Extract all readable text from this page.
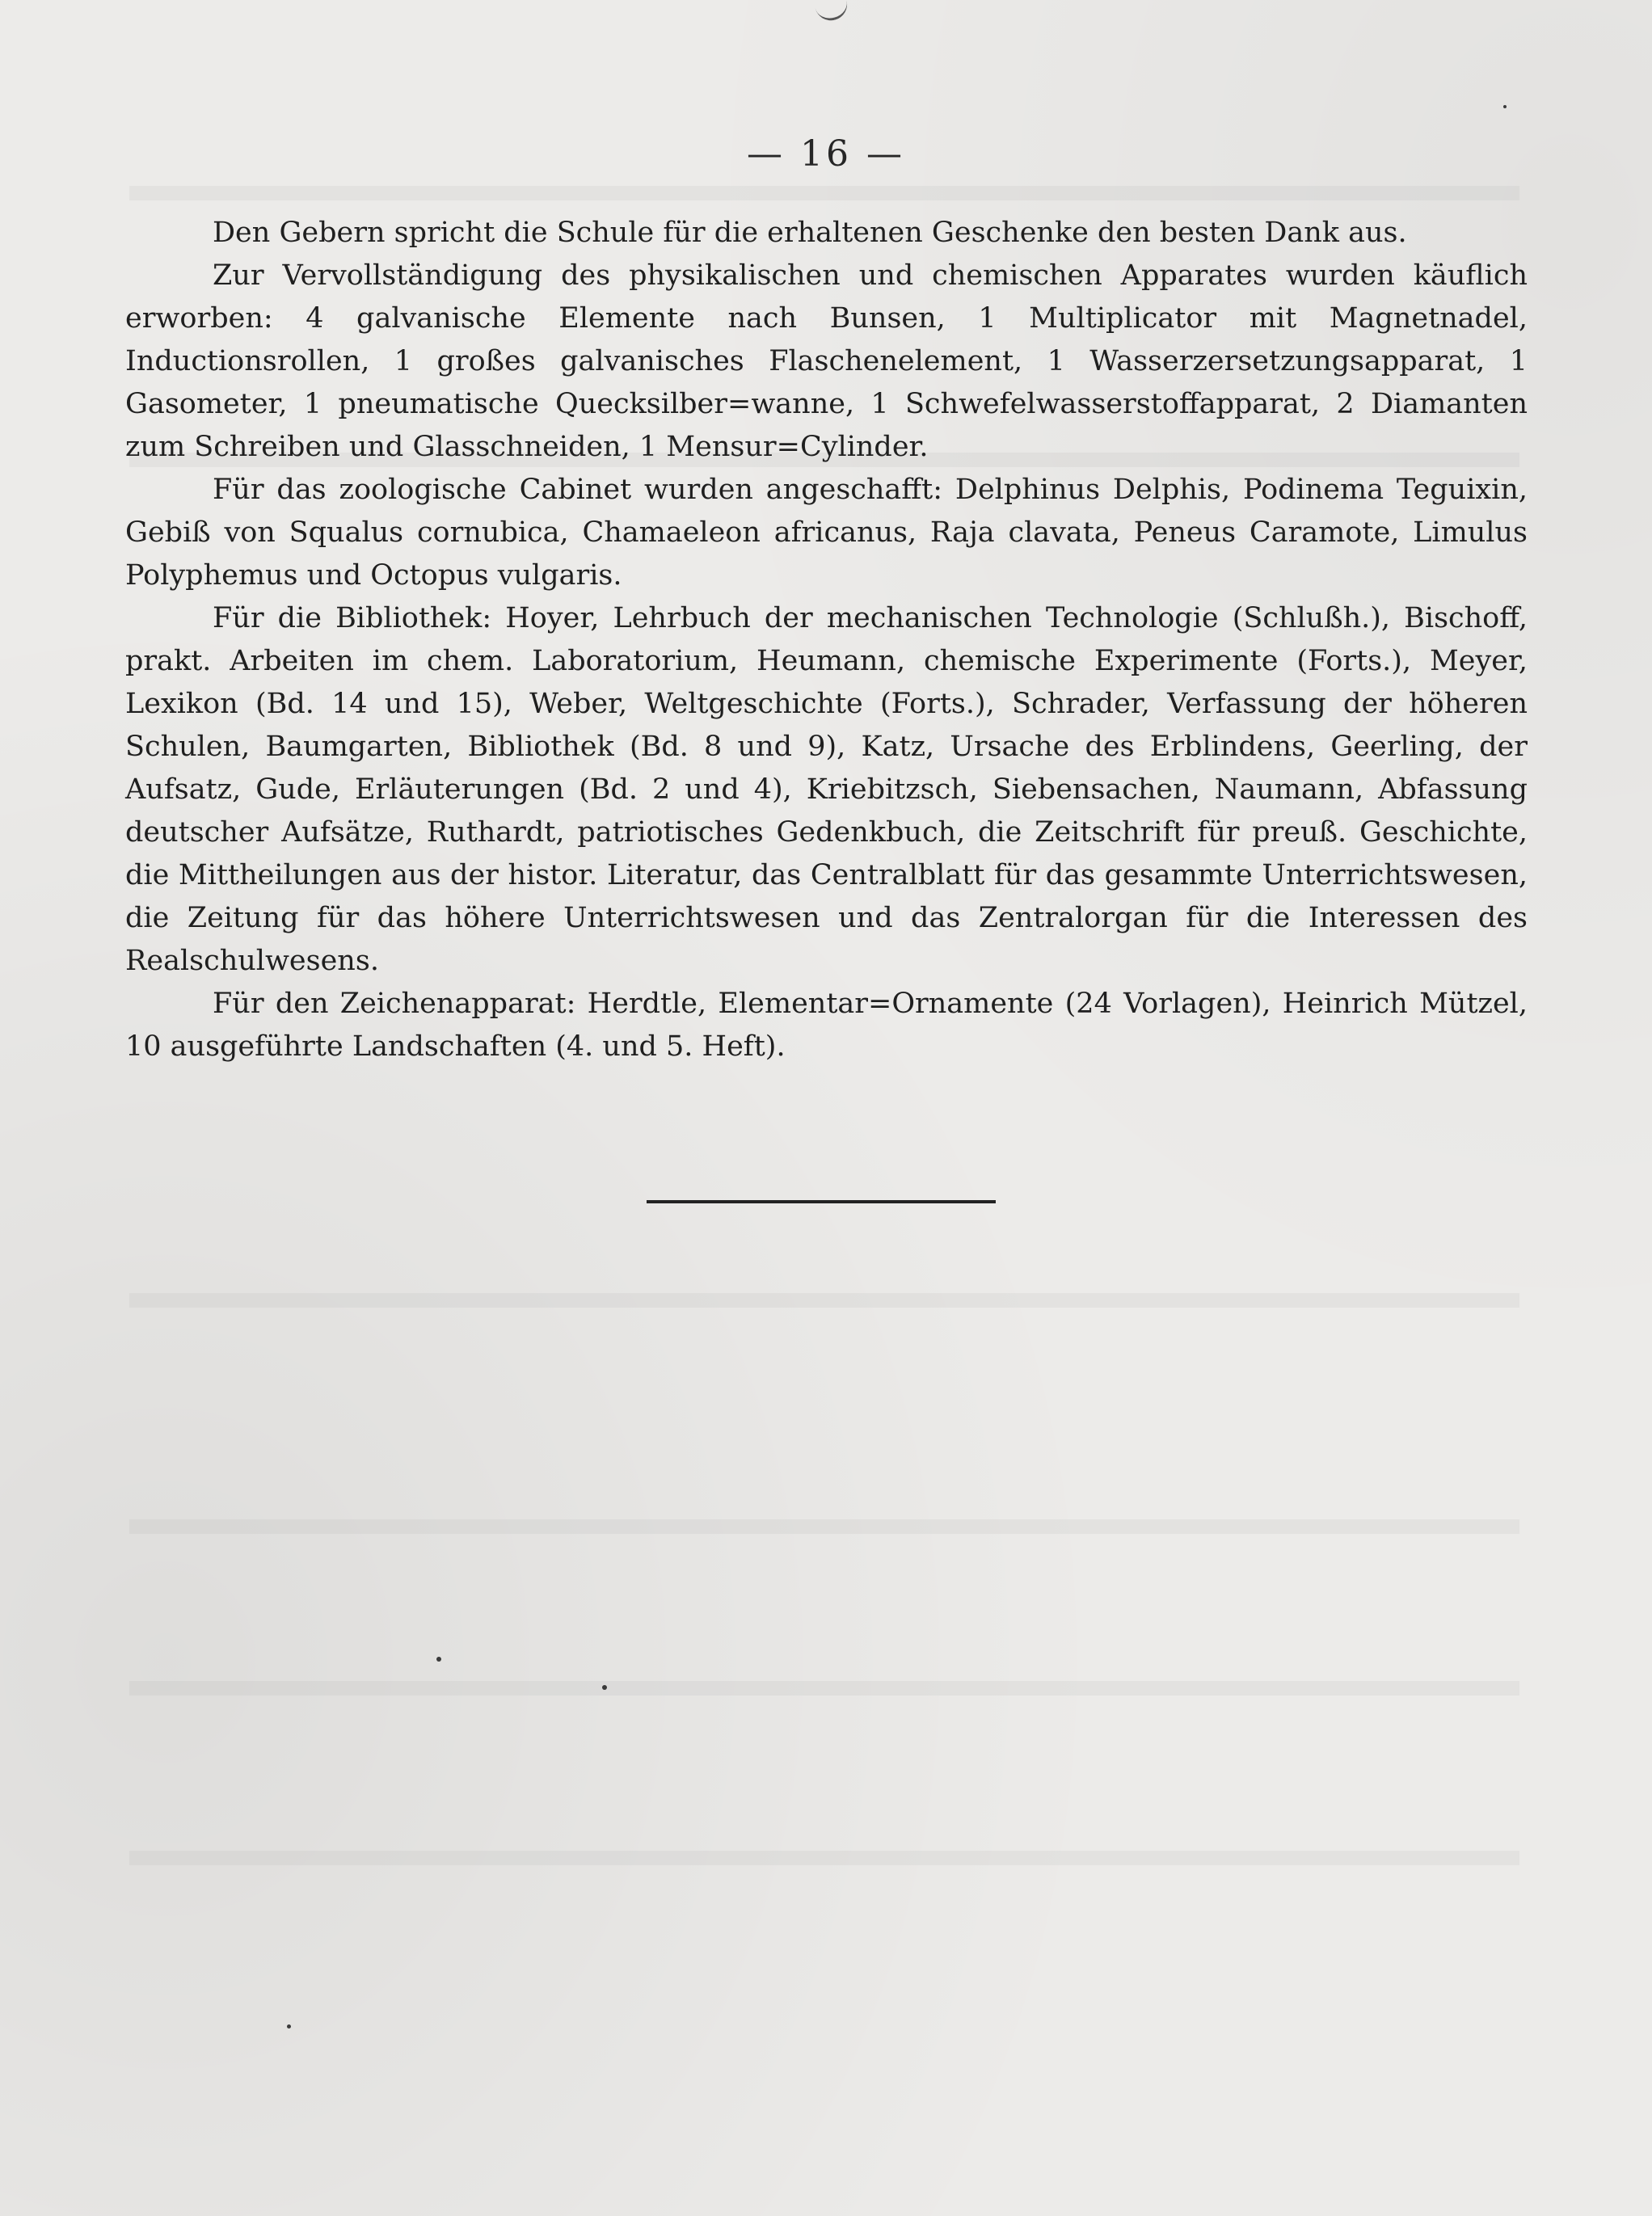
— 16 —

Den Gebern spricht die Schule für die erhaltenen Geschenke den besten Dank aus.

Zur Vervollständigung des physikalischen und chemischen Apparates wurden käuflich erworben: 4 galvanische Elemente nach Bunsen, 1 Multiplicator mit Magnetnadel, Inductionsrollen, 1 großes galvanisches Flaschenelement, 1 Wasserzersetzungsapparat, 1 Gasometer, 1 pneumatische Quecksilber=wanne, 1 Schwefelwasserstoffapparat, 2 Diamanten zum Schreiben und Glasschneiden, 1 Mensur=Cylinder.

Für das zoologische Cabinet wurden angeschafft: Delphinus Delphis, Podinema Teguixin, Gebiß von Squalus cornubica, Chamaeleon africanus, Raja clavata, Peneus Caramote, Limulus Polyphemus und Octopus vulgaris.

Für die Bibliothek: Hoyer, Lehrbuch der mechanischen Technologie (Schlußh.), Bischoff, prakt. Arbeiten im chem. Laboratorium, Heumann, chemische Experimente (Forts.), Meyer, Lexikon (Bd. 14 und 15), Weber, Weltgeschichte (Forts.), Schrader, Verfassung der höheren Schulen, Baumgarten, Bibliothek (Bd. 8 und 9), Katz, Ursache des Erblindens, Geerling, der Aufsatz, Gude, Erläuterungen (Bd. 2 und 4), Kriebitzsch, Siebensachen, Naumann, Abfassung deutscher Aufsätze, Ruthardt, patriotisches Gedenkbuch, die Zeitschrift für preuß. Geschichte, die Mittheilungen aus der histor. Literatur, das Centralblatt für das gesammte Unterrichtswesen, die Zeitung für das höhere Unterrichtswesen und das Zentralorgan für die Interessen des Realschulwesens.

Für den Zeichenapparat: Herdtle, Elementar=Ornamente (24 Vorlagen), Heinrich Mützel, 10 ausgeführte Landschaften (4. und 5. Heft).
